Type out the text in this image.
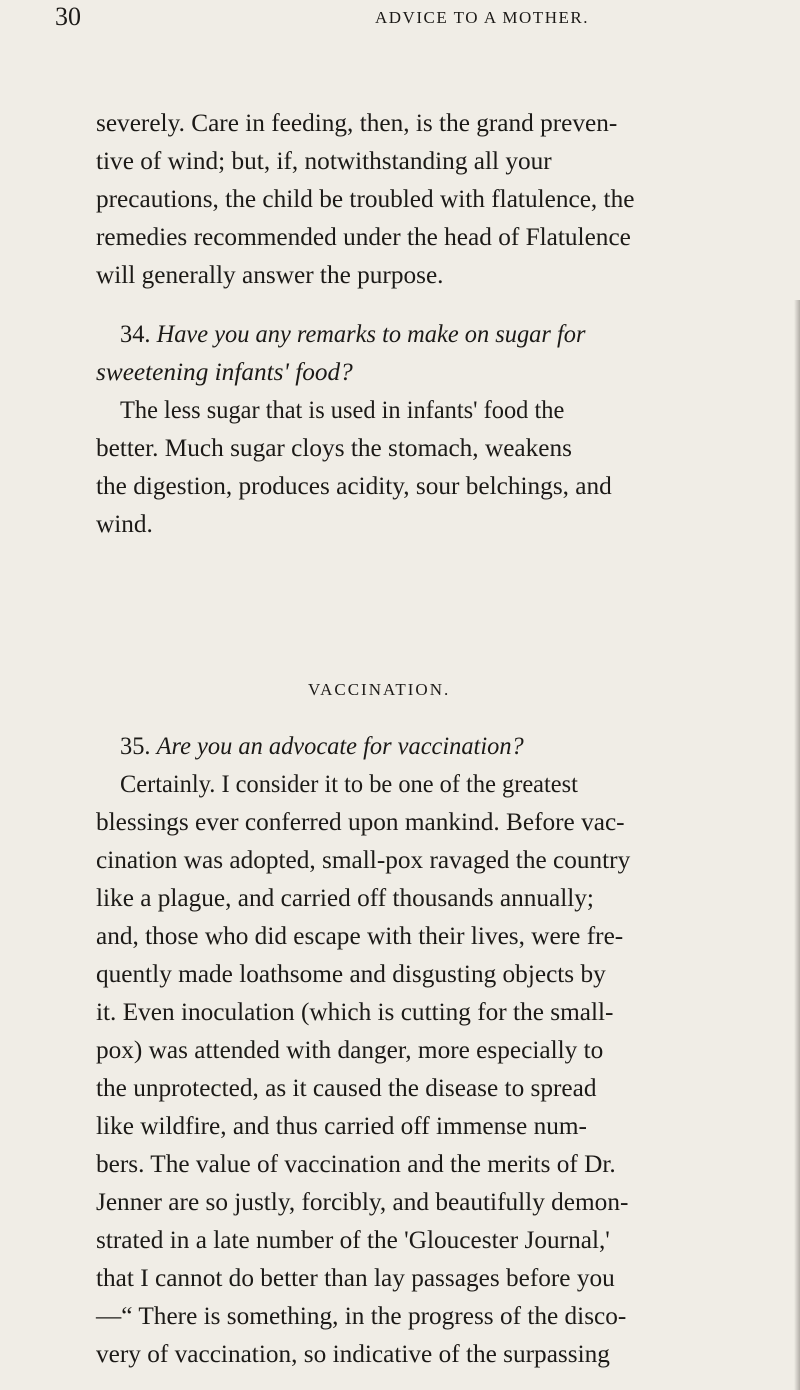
30	ADVICE TO A MOTHER.
severely. Care in feeding, then, is the grand preven-
tive of wind; but, if, notwithstanding all your
precautions, the child be troubled with flatulence, the
remedies recommended under the head of Flatulence
will generally answer the purpose.
34. Have you any remarks to make on sugar for
sweetening infants' food?
The less sugar that is used in infants' food the
better. Much sugar cloys the stomach, weakens
the digestion, produces acidity, sour belchings, and
wind.
VACCINATION.
35. Are you an advocate for vaccination?
Certainly. I consider it to be one of the greatest
blessings ever conferred upon mankind. Before vac-
cination was adopted, small-pox ravaged the country
like a plague, and carried off thousands annually;
and, those who did escape with their lives, were fre-
quently made loathsome and disgusting objects by
it. Even inoculation (which is cutting for the small-
pox) was attended with danger, more especially to
the unprotected, as it caused the disease to spread
like wildfire, and thus carried off immense num-
bers. The value of vaccination and the merits of Dr.
Jenner are so justly, forcibly, and beautifully demon-
strated in a late number of the 'Gloucester Journal,'
that I cannot do better than lay passages before you
—“ There is something, in the progress of the disco-
very of vaccination, so indicative of the surpassing
